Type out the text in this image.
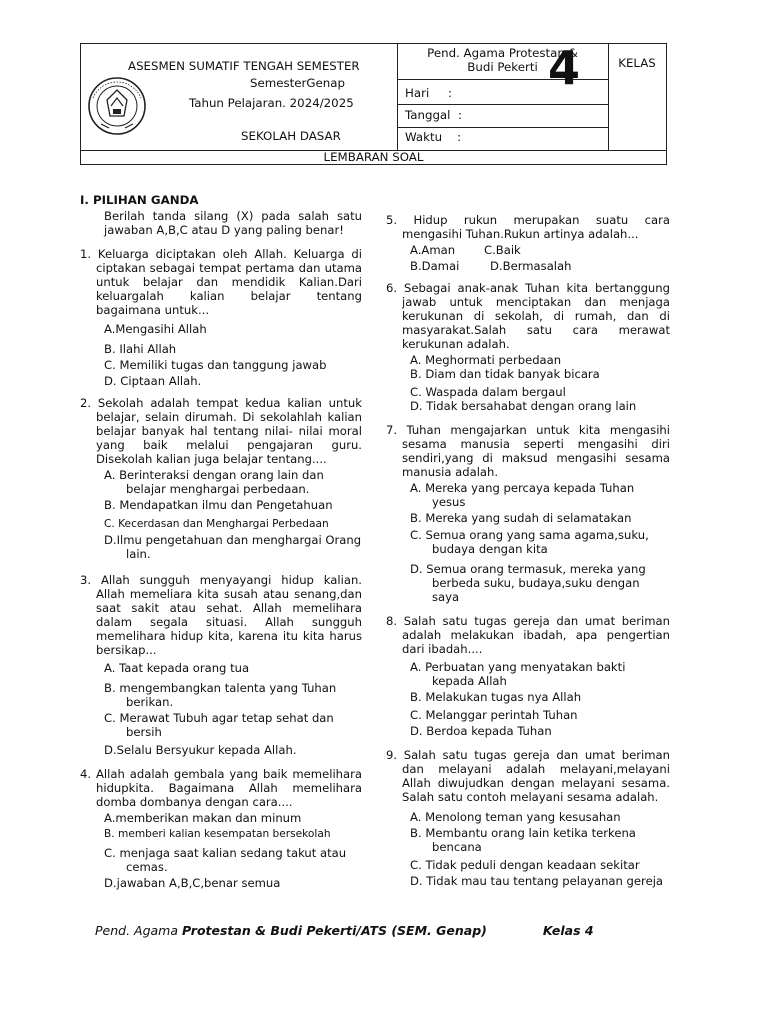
ASESMEN SUMATIF TENGAH SEMESTER
SemesterGenap
Tahun Pelajaran. 2024/2025
SEKOLAH DASAR
Pend. Agama Protestan &
Budi Pekerti
Hari     :
Tanggal  :
Waktu    :
KELAS
LEMBARAN SOAL
4
I. PILIHAN GANDA
Berilah tanda silang (X) pada salah satu jawaban A,B,C atau D yang paling benar!
1. Keluarga diciptakan oleh Allah. Keluarga di ciptakan sebagai tempat pertama dan utama untuk belajar dan mendidik Kalian.Dari keluargalah kalian belajar tentang bagaimana untuk...
A.Mengasihi Allah
B. Ilahi Allah
C. Memiliki tugas dan tanggung jawab
D. Ciptaan Allah.
2. Sekolah adalah tempat kedua kalian untuk belajar, selain dirumah. Di sekolahlah kalian belajar banyak hal tentang nilai- nilai moral yang baik melalui pengajaran guru. Disekolah kalian juga belajar tentang....
A. Berinteraksi dengan orang lain dan belajar menghargai perbedaan.
B. Mendapatkan ilmu dan Pengetahuan
C. Kecerdasan dan Menghargai Perbedaan
D.Ilmu pengetahuan dan menghargai Orang lain.
3. Allah sungguh menyayangi hidup kalian. Allah memeliara kita susah atau senang,dan saat sakit atau sehat. Allah memelihara dalam segala situasi. Allah sungguh memelihara hidup kita, karena itu kita harus bersikap...
A. Taat kepada orang tua
B. mengembangkan talenta yang Tuhan berikan.
C. Merawat Tubuh agar tetap sehat dan bersih
D.Selalu Bersyukur kepada Allah.
4. Allah adalah gembala yang baik memelihara hidupkita. Bagaimana Allah memelihara domba dombanya dengan cara....
A.memberikan makan dan minum
B. memberi kalian kesempatan bersekolah
C. menjaga saat kalian sedang takut atau cemas.
D.jawaban A,B,C,benar semua
5. Hidup rukun merupakan suatu cara mengasihi Tuhan.Rukun artinya adalah...
A.Aman	C.Baik
B.Damai	D.Bermasalah
6. Sebagai anak-anak Tuhan kita bertanggung jawab untuk menciptakan dan menjaga kerukunan di sekolah, di rumah, dan di masyarakat.Salah satu cara merawat kerukunan adalah.
A. Meghormati perbedaan
B. Diam dan tidak banyak bicara
C. Waspada dalam bergaul
D. Tidak bersahabat dengan orang lain
7. Tuhan mengajarkan untuk kita mengasihi sesama manusia seperti mengasihi diri sendiri,yang di maksud mengasihi sesama manusia adalah.
A. Mereka yang percaya kepada Tuhan yesus
B. Mereka yang sudah di selamatakan
C. Semua orang yang sama agama,suku, budaya dengan kita
D. Semua orang termasuk, mereka yang berbeda suku, budaya,suku dengan saya
8. Salah satu tugas gereja dan umat beriman adalah melakukan ibadah, apa pengertian dari ibadah....
A. Perbuatan yang menyatakan bakti kepada Allah
B. Melakukan tugas nya Allah
C. Melanggar perintah Tuhan
D. Berdoa kepada Tuhan
9. Salah satu tugas gereja dan umat beriman dan melayani adalah melayani,melayani Allah diwujudkan dengan melayani sesama. Salah satu contoh melayani sesama adalah.
A. Menolong teman yang kesusahan
B. Membantu orang lain ketika terkena bencana
C. Tidak peduli dengan keadaan sekitar
D. Tidak mau tau tentang pelayanan gereja
Pend. Agama Protestan & Budi Pekerti/ATS (SEM. Genap)	Kelas 4
